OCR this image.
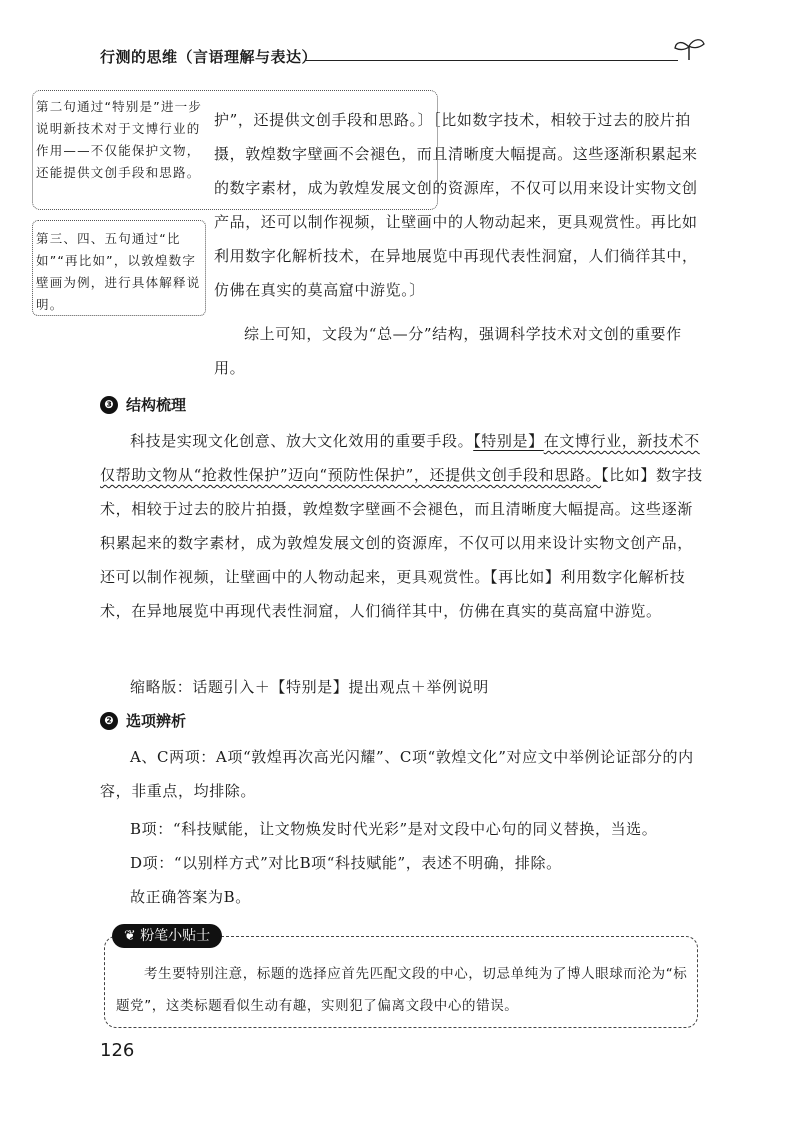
行测的思维（言语理解与表达）
第二句通过“特别是”进一步说明新技术对于文博行业的作用——不仅能保护文物，还能提供文创手段和思路。
第三、四、五句通过“比如”“再比如”，以敦煌数字壁画为例，进行具体解释说明。
护”，还提供文创手段和思路。〕［比如数字技术，相较于过去的胶片拍摄，敦煌数字壁画不会褪色，而且清晰度大幅提高。这些逐渐积累起来的数字素材，成为敦煌发展文创的资源库，不仅可以用来设计实物文创产品，还可以制作视频，让壁画中的人物动起来，更具观赏性。再比如利用数字化解析技术，在异地展览中再现代表性洞窟，人们徜徉其中，仿佛在真实的莫高窟中游览。〕
综上可知，文段为“总—分”结构，强调科学技术对文创的重要作用。
❸ 结构梳理
科技是实现文化创意、放大文化效用的重要手段。【特别是】在文博行业，新技术不仅帮助文物从“抢救性保护”迈向“预防性保护”，还提供文创手段和思路。【比如】数字技术，相较于过去的胶片拍摄，敦煌数字壁画不会褪色，而且清晰度大幅提高。这些逐渐积累起来的数字素材，成为敦煌发展文创的资源库，不仅可以用来设计实物文创产品，还可以制作视频，让壁画中的人物动起来，更具观赏性。【再比如】利用数字化解析技术，在异地展览中再现代表性洞窟，人们徜徉其中，仿佛在真实的莫高窟中游览。
缩略版：话题引入＋【特别是】提出观点＋举例说明
❷ 选项辨析
A、C两项：A项“敦煌再次高光闪耀”、C项“敦煌文化”对应文中举例论证部分的内容，非重点，均排除。
B项：“科技赋能，让文物焕发时代光彩”是对文段中心句的同义替换，当选。
D项：“以别样方式”对比B项“科技赋能”，表述不明确，排除。
故正确答案为B。
❦ 粉笔小贴士
考生要特别注意，标题的选择应首先匹配文段的中心，切忌单纯为了博人眼球而沦为“标题党”，这类标题看似生动有趣，实则犯了偏离文段中心的错误。
126
